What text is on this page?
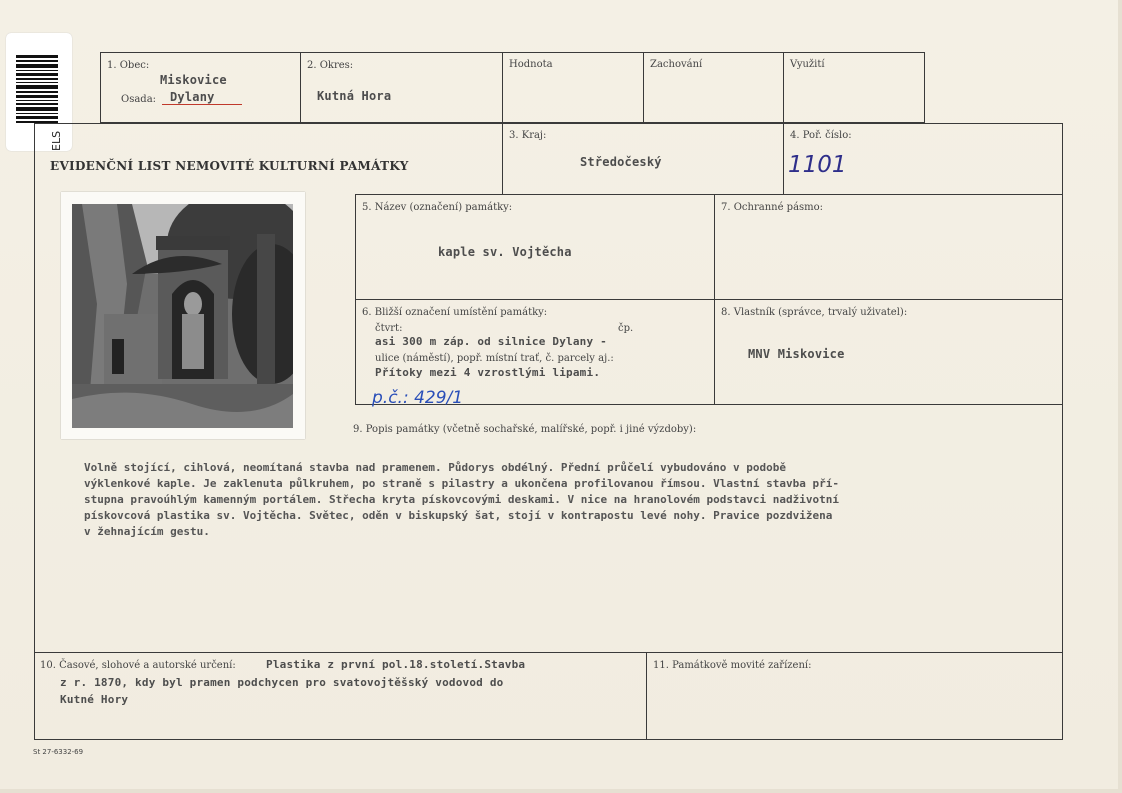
ELS
1. Obec:
Miskovice
Osada: Dylany
2. Okres:
Kutná Hora
Hodnota	Zachování	Využití
EVIDENČNÍ LIST NEMOVITÉ KULTURNÍ PAMÁTKY
3. Kraj:
Středočeský
4. Poř. číslo:
1101
5. Název (označení) památky:
kaple sv. Vojtěcha
7. Ochranné pásmo:
6. Bližší označení umístění památky:
čtvrt:	čp.
asi 300 m záp. od silnice Dylany -
ulice (náměstí), popř. místní trať, č. parcely aj.:
Přítoky mezi 4 vzrostlými lipami.
p.č.: 429/1
8. Vlastník (správce, trvalý uživatel):
MNV Miskovice
9. Popis památky (včetně sochařské, malířské, popř. i jiné výzdoby):
Volně stojící, cihlová, neomítaná stavba nad pramenem. Půdorys obdélný. Přední průčelí vybudováno v podobě
výklenkové kaple. Je zaklenuta půlkruhem, po straně s pilastry a ukončena profilovanou římsou. Vlastní stavba pří-
stupna pravoúhlým kamenným portálem. Střecha kryta pískovcovými deskami. V nice na hranolovém podstavci nadživotní
pískovcová plastika sv. Vojtěcha. Světec, oděn v biskupský šat, stojí v kontrapostu levé nohy. Pravice pozdvižena
v žehnajícím gestu.
10. Časové, slohové a autorské určení:	Plastika z první pol.18.století.Stavba
z r. 1870, kdy byl pramen podchycen pro svatovojtěšský vodovod do
Kutné Hory
11. Památkově movité zařízení:
St 27-6332-69
